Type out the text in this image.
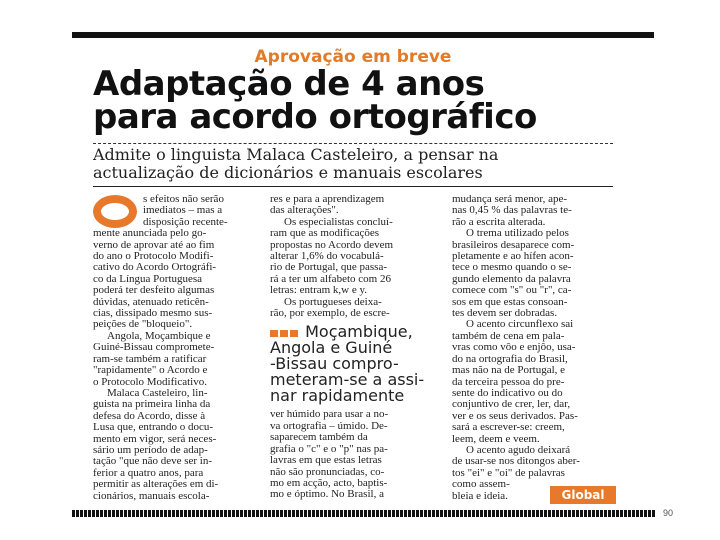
Aprovação em breve
Adaptação de 4 anos
para acordo ortográfico
Admite o linguista Malaca Casteleiro, a pensar na
actualização de dicionários e manuais escolares
s efeitos não serão
imediatos – mas a
disposição recente-
mente anunciada pelo go-
verno de aprovar até ao fim
do ano o Protocolo Modifi-
cativo do Acordo Ortográfi-
co da Língua Portuguesa
poderá ter desfeito algumas
dúvidas, atenuado reticên-
cias, dissipado mesmo sus-
peições de "bloqueio".
Angola, Moçambique e
Guiné-Bissau comprometе-
ram-se também a ratificar
"rapidamente" o Acordo e
o Protocolo Modificativo.
Malaca Casteleiro, lin-
guista na primeira linha da
defesa do Acordo, disse à
Lusa que, entrando o docu-
mento em vigor, será neces-
sário um período de adap-
tação "que não deve ser in-
ferior a quatro anos, para
permitir as alterações em di-
cionários, manuais escola-
res e para a aprendizagem
das alterações".
Os especialistas concluí-
ram que as modificações
propostas no Acordo devem
alterar 1,6% do vocabulá-
rio de Portugal, que passa-
rá a ter um alfabeto com 26
letras: entram k,w e y.
Os portugueses deixa-
rão, por exemplo, de escre-
Moçambique,
Angola e Guiné
-Bissau compro-
meteram-se a assi-
nar rapidamente
ver húmido para usar a no-
va ortografia – úmido. De-
saparecem também da
grafia o "c" e o "p" nas pa-
lavras em que estas letras
não são pronunciadas, co-
mo em acção, acto, baptis-
mo e óptimo. No Brasil, a
mudança será menor, ape-
nas 0,45 % das palavras te-
rão a escrita alterada.
O trema utilizado pelos
brasileiros desaparece com-
pletamente e ao hífen acon-
tece o mesmo quando o se-
gundo elemento da palavra
comece com "s" ou "r", ca-
sos em que estas consoan-
tes devem ser dobradas.
O acento circunflexo sai
também de cena em pala-
vras como vôo e enjôo, usa-
do na ortografia do Brasil,
mas não na de Portugal, e
da terceira pessoa do pre-
sente do indicativo ou do
conjuntivo de crer, ler, dar,
ver e os seus derivados. Pas-
sará a escrever-se: creem,
leem, deem e veem.
O acento agudo deixará
de usar-se nos ditongos aber-
tos "ei" e "oi" de palavras
como assem-
bleia e ideia.	Global
90
